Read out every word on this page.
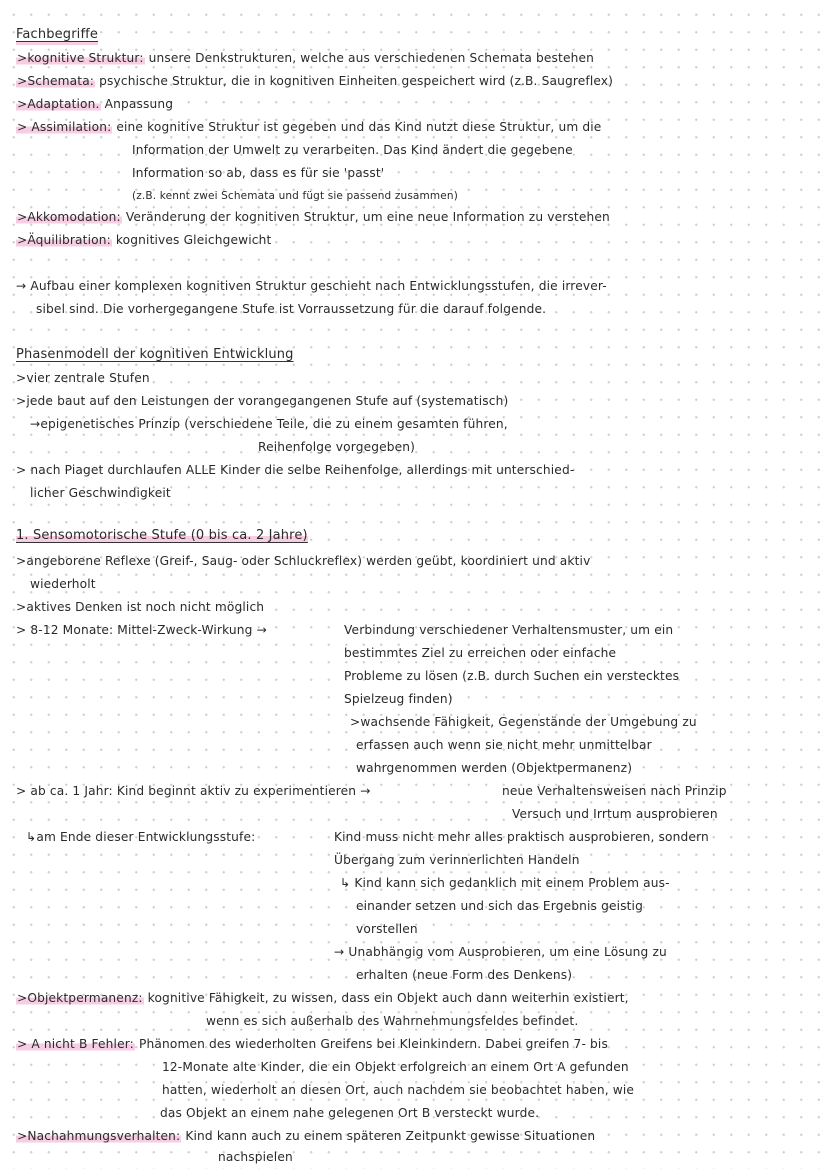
Fachbegriffe
>kognitive Struktur: unsere Denkstrukturen, welche aus verschiedenen Schemata bestehen
>Schemata: psychische Struktur, die in kognitiven Einheiten gespeichert wird (z.B. Saugreflex)
>Adaptation. Anpassung
> Assimilation: eine kognitive Struktur ist gegeben und das Kind nutzt diese Struktur, um die
Information der Umwelt zu verarbeiten. Das Kind ändert die gegebene
Information so ab, dass es für sie 'passt'
(z.B. kennt zwei Schemata und fügt sie passend zusammen)
>Akkomodation: Veränderung der kognitiven Struktur, um eine neue Information zu verstehen
>Äquilibration: kognitives Gleichgewicht
→ Aufbau einer komplexen kognitiven Struktur geschieht nach Entwicklungsstufen, die irrever-
sibel sind. Die vorhergegangene Stufe ist Vorraussetzung für die darauf folgende.
Phasenmodell der kognitiven Entwicklung
>vier zentrale Stufen
>jede baut auf den Leistungen der vorangegangenen Stufe auf (systematisch)
→epigenetisches Prinzip (verschiedene Teile, die zu einem gesamten führen,
Reihenfolge vorgegeben)
> nach Piaget durchlaufen ALLE Kinder die selbe Reihenfolge, allerdings mit unterschied-
licher Geschwindigkeit
1. Sensomotorische Stufe (0 bis ca. 2 Jahre)
>angeborene Reflexe (Greif-, Saug- oder Schluckreflex) werden geübt, koordiniert und aktiv
wiederholt
>aktives Denken ist noch nicht möglich
> 8-12 Monate: Mittel-Zweck-Wirkung →	Verbindung verschiedener Verhaltensmuster, um ein
bestimmtes Ziel zu erreichen oder einfache
Probleme zu lösen (z.B. durch Suchen ein verstecktes
Spielzeug finden)
>wachsende Fähigkeit, Gegenstände der Umgebung zu
erfassen auch wenn sie nicht mehr unmittelbar
wahrgenommen werden (Objektpermanenz)
> ab ca. 1 Jahr: Kind beginnt aktiv zu experimentieren →	neue Verhaltensweisen nach Prinzip
Versuch und Irrtum ausprobieren
↳am Ende dieser Entwicklungsstufe:	Kind muss nicht mehr alles praktisch ausprobieren, sondern
Übergang zum verinnerlichten Handeln
↳ Kind kann sich gedanklich mit einem Problem aus-
einander setzen und sich das Ergebnis geistig
vorstellen
→ Unabhängig vom Ausprobieren, um eine Lösung zu
erhalten (neue Form des Denkens)
>Objektpermanenz: kognitive Fähigkeit, zu wissen, dass ein Objekt auch dann weiterhin existiert,
wenn es sich außerhalb des Wahrnehmungsfeldes befindet.
> A nicht B Fehler: Phänomen des wiederholten Greifens bei Kleinkindern. Dabei greifen 7- bis
12-Monate alte Kinder, die ein Objekt erfolgreich an einem Ort A gefunden
hatten, wiederholt an diesen Ort, auch nachdem sie beobachtet haben, wie
das Objekt an einem nahe gelegenen Ort B versteckt wurde.
>Nachahmungsverhalten: Kind kann auch zu einem späteren Zeitpunkt gewisse Situationen
nachspielen
